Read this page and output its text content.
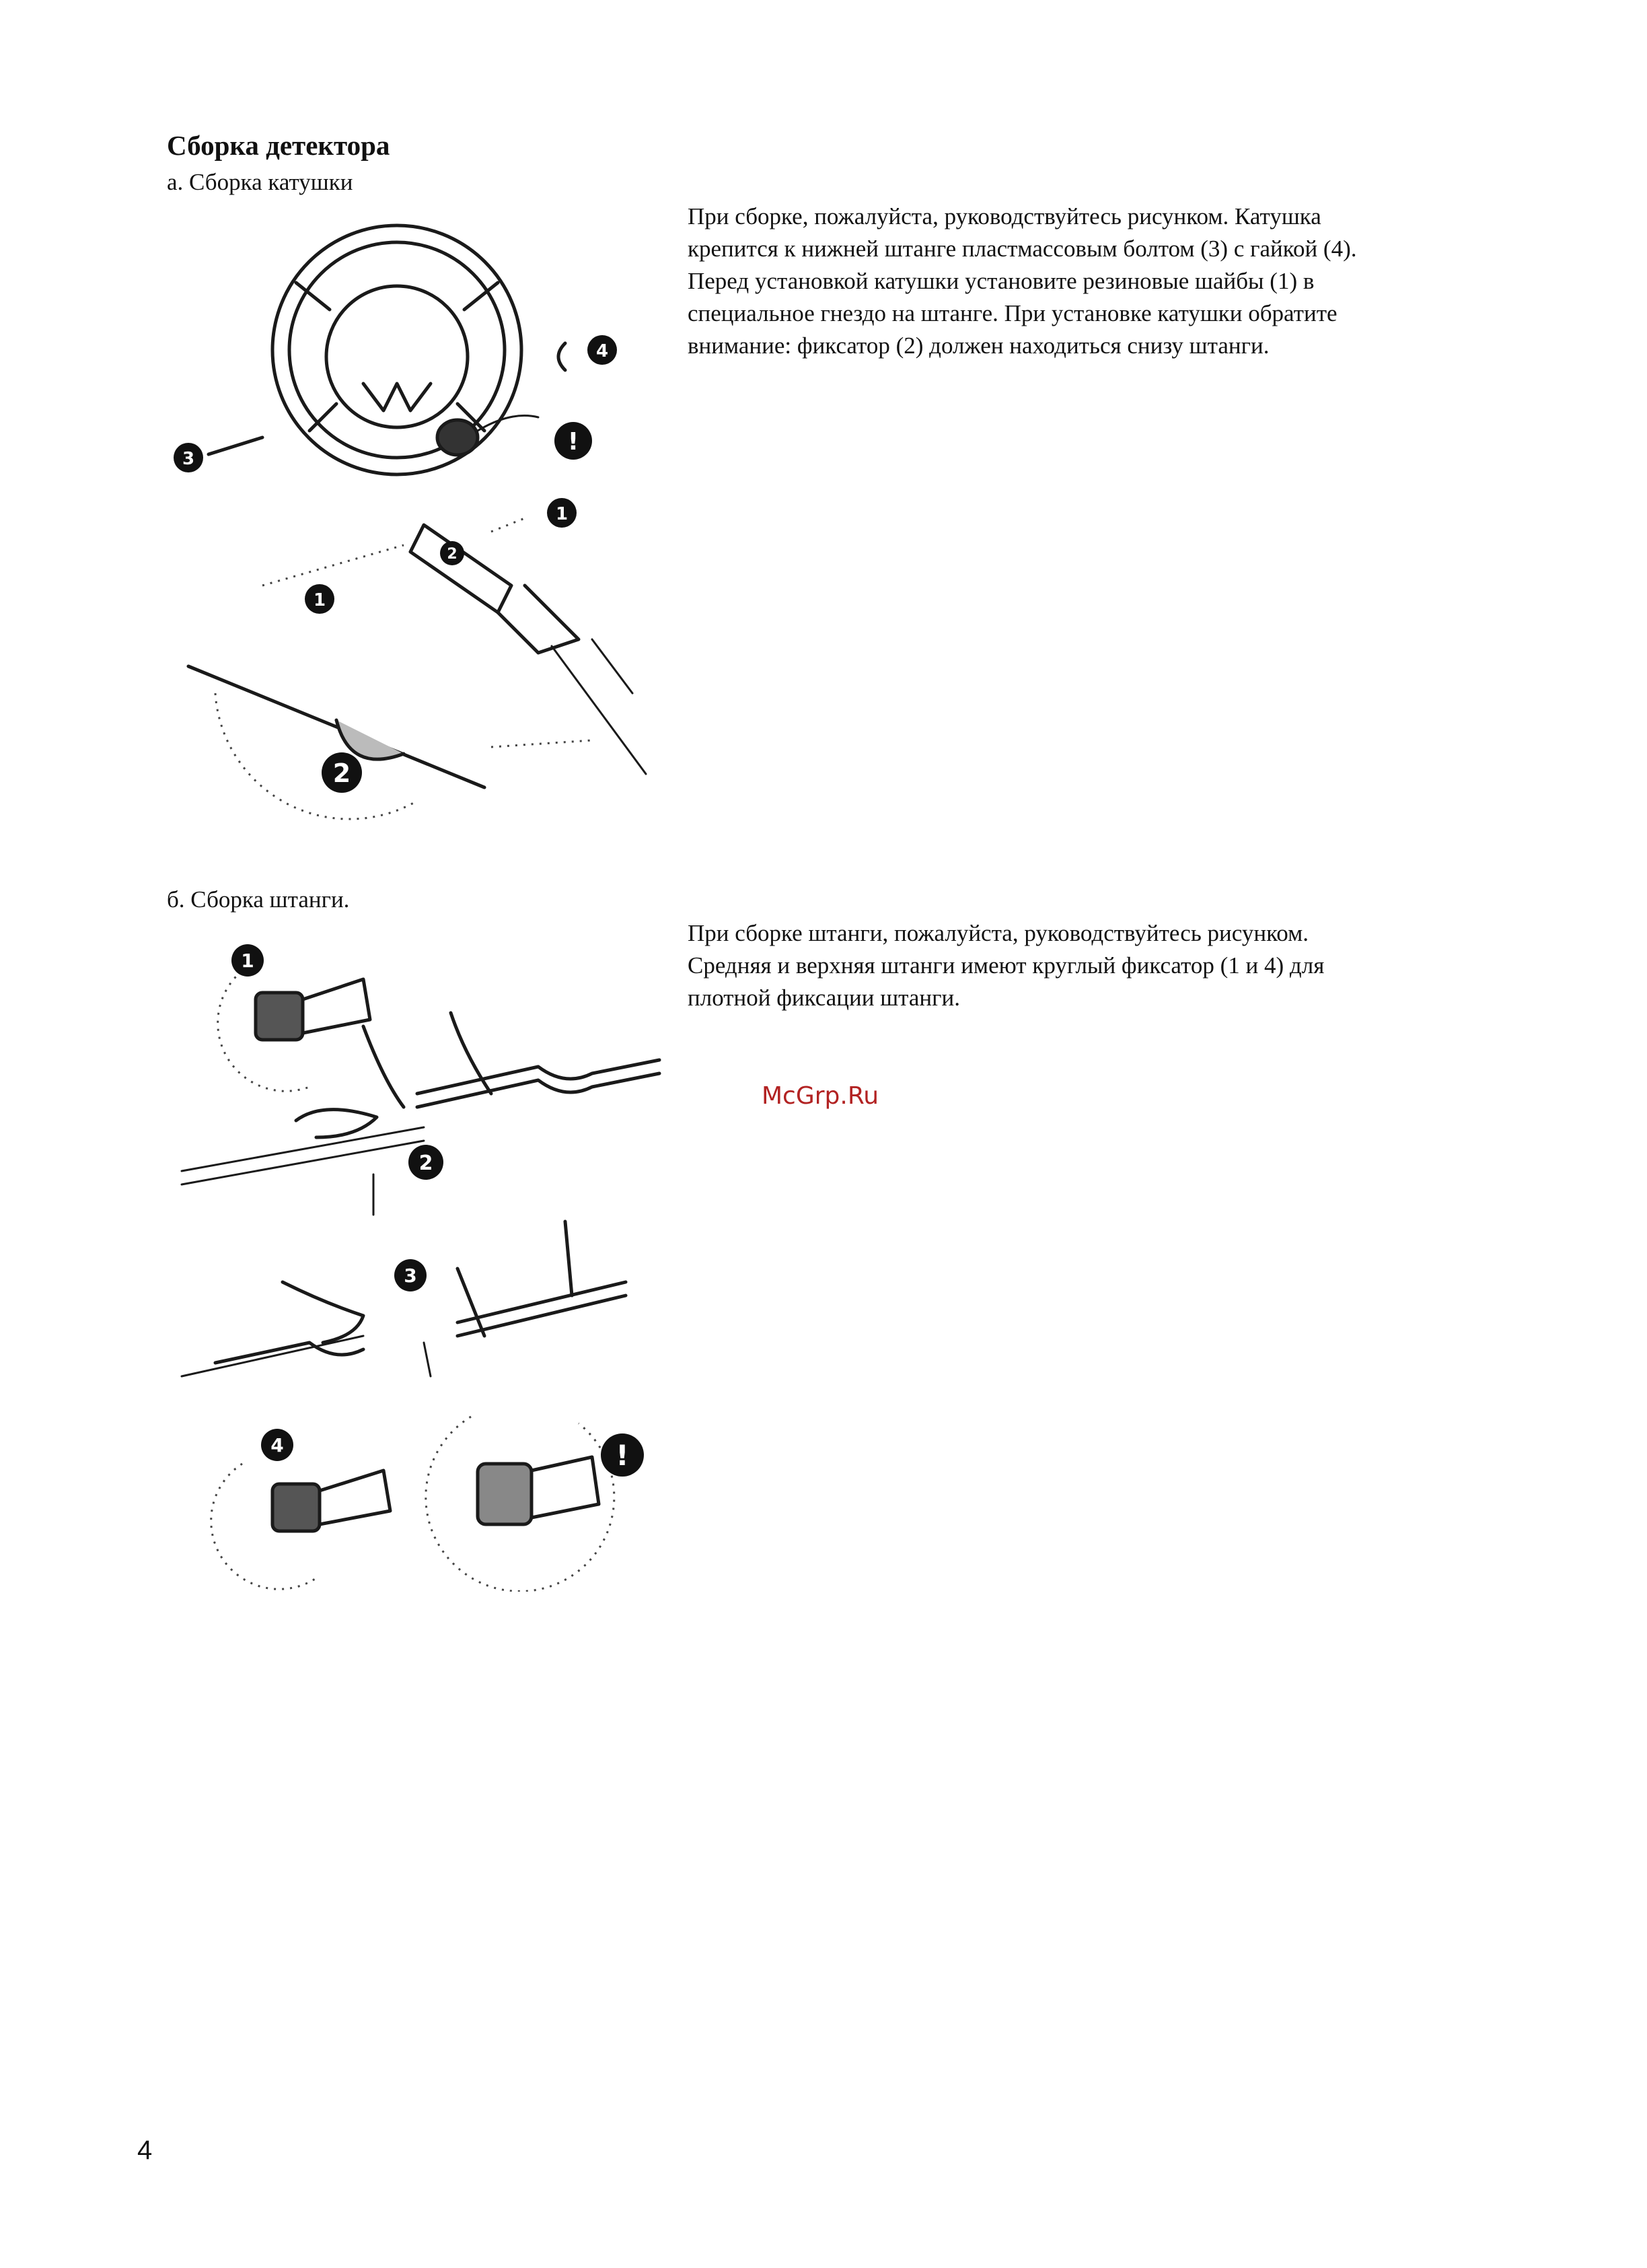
Сборка детектора
а. Сборка катушки
При сборке, пожалуйста, руководствуйтесь рисунком. Катушка
крепится к нижней штанге пластмассовым болтом (3) с гайкой (4).
Перед установкой катушки установите резиновые шайбы (1) в
специальное гнездо на штанге. При установке катушки обратите
внимание: фиксатор (2) должен находиться снизу штанги.
3
4
!
1
1
2
2
б. Сборка штанги.
При сборке штанги, пожалуйста, руководствуйтесь рисунком.
Средняя и верхняя штанги имеют круглый фиксатор (1 и 4) для
плотной фиксации штанги.
1
2
3
4	!
McGrp.Ru
4
